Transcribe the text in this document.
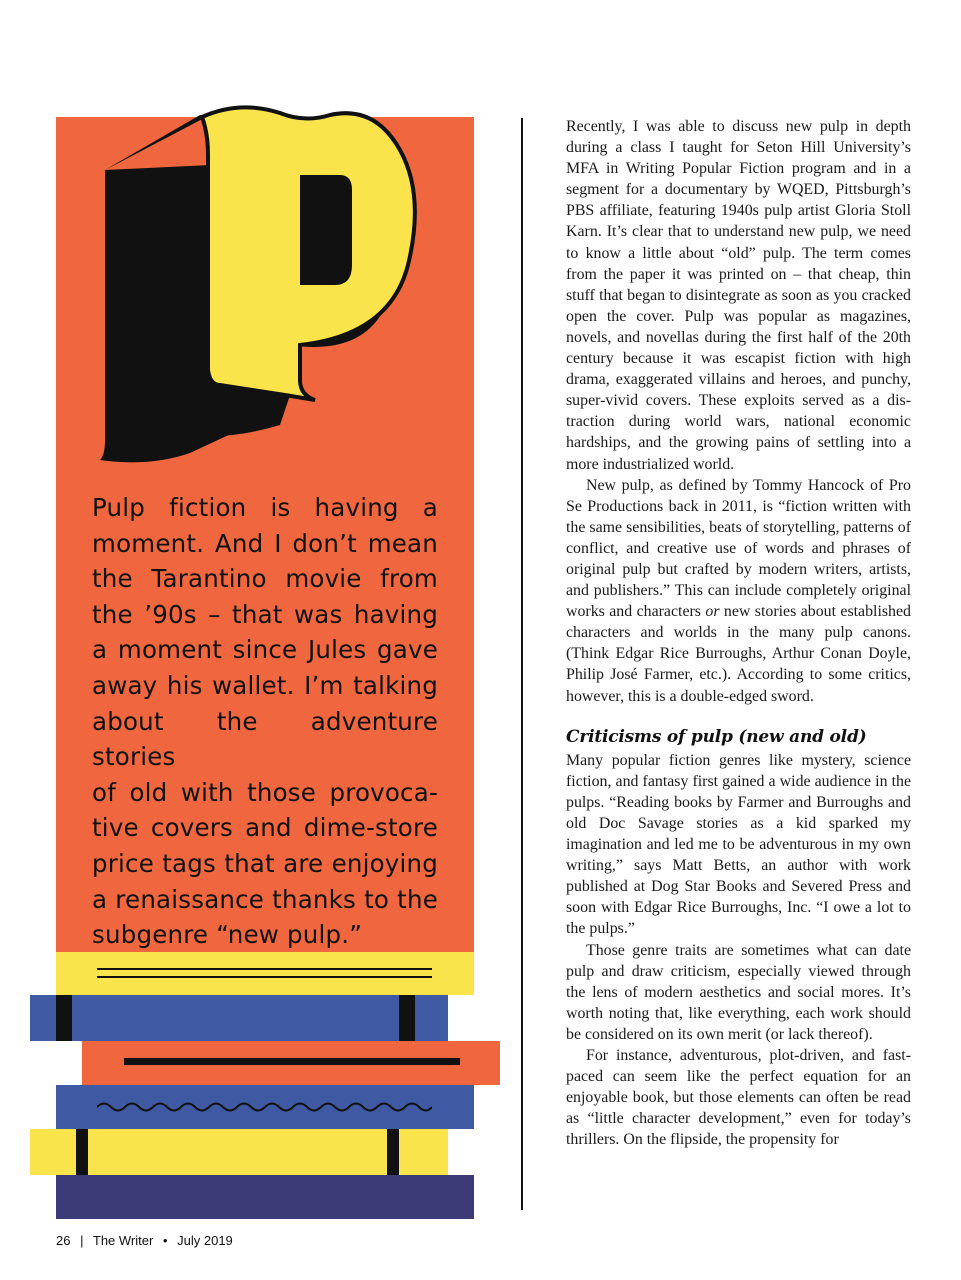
Pulp fiction is having a
moment. And I don’t mean
the Tarantino movie from
the ’90s – that was having
a moment since Jules gave
away his wallet. I’m talking
about the adventure stories
of old with those provoca-
tive covers and dime-store
price tags that are enjoying
a renaissance thanks to the
subgenre “new pulp.”

Recently, I was able to discuss new pulp in depth during a class I taught for Seton Hill University’s MFA in Writing Popular Fiction program and in a segment for a documentary by WQED, Pittsburgh’s PBS affiliate, featuring 1940s pulp artist Gloria Stoll Karn. It’s clear that to understand new pulp, we need to know a little about “old” pulp. The term comes from the paper it was printed on – that cheap, thin stuff that began to disintegrate as soon as you cracked open the cover. Pulp was popular as magazines, novels, and novellas during the first half of the 20th century because it was escapist fiction with high drama, exaggerated villains and heroes, and punchy, super-vivid covers. These exploits served as a distraction during world wars, national economic hardships, and the growing pains of settling into a more industrialized world.

New pulp, as defined by Tommy Hancock of Pro Se Productions back in 2011, is “fiction written with the same sensibilities, beats of storytelling, patterns of conflict, and creative use of words and phrases of original pulp but crafted by modern writers, artists, and publishers.” This can include completely original works and characters or new stories about established characters and worlds in the many pulp canons. (Think Edgar Rice Burroughs, Arthur Conan Doyle, Philip José Farmer, etc.). According to some critics, however, this is a double-edged sword.

Criticisms of pulp (new and old)

Many popular fiction genres like mystery, science fiction, and fantasy first gained a wide audience in the pulps. “Reading books by Farmer and Burroughs and old Doc Savage stories as a kid sparked my imagination and led me to be adventurous in my own writing,” says Matt Betts, an author with work published at Dog Star Books and Severed Press and soon with Edgar Rice Burroughs, Inc. “I owe a lot to the pulps.”

Those genre traits are sometimes what can date pulp and draw criticism, especially viewed through the lens of modern aesthetics and social mores. It’s worth noting that, like everything, each work should be considered on its own merit (or lack thereof).

For instance, adventurous, plot-driven, and fast-paced can seem like the perfect equation for an enjoyable book, but those elements can often be read as “little character development,” even for today’s thrillers. On the flipside, the propensity for

26 | The Writer • July 2019
